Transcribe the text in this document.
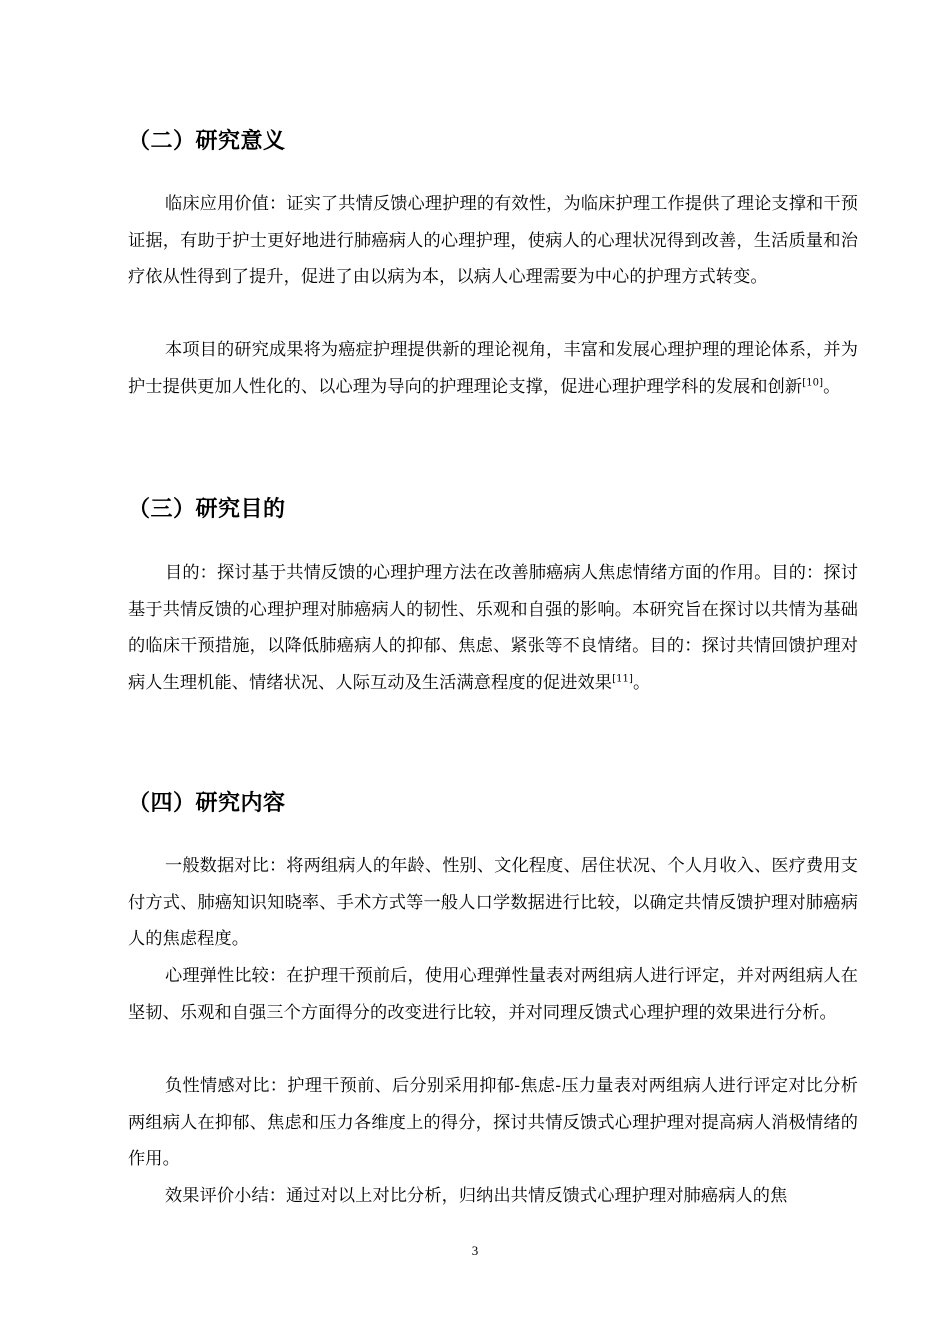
（二）研究意义
临床应用价值：证实了共情反馈心理护理的有效性，为临床护理工作提供了理论支撑和干预证据，有助于护士更好地进行肺癌病人的心理护理，使病人的心理状况得到改善，生活质量和治疗依从性得到了提升，促进了由以病为本，以病人心理需要为中心的护理方式转变。
本项目的研究成果将为癌症护理提供新的理论视角，丰富和发展心理护理的理论体系，并为护士提供更加人性化的、以心理为导向的护理理论支撑，促进心理护理学科的发展和创新[10]。
（三）研究目的
目的：探讨基于共情反馈的心理护理方法在改善肺癌病人焦虑情绪方面的作用。目的：探讨基于共情反馈的心理护理对肺癌病人的韧性、乐观和自强的影响。本研究旨在探讨以共情为基础的临床干预措施，以降低肺癌病人的抑郁、焦虑、紧张等不良情绪。目的：探讨共情回馈护理对病人生理机能、情绪状况、人际互动及生活满意程度的促进效果[11]。
（四）研究内容
一般数据对比：将两组病人的年龄、性别、文化程度、居住状况、个人月收入、医疗费用支付方式、肺癌知识知晓率、手术方式等一般人口学数据进行比较，以确定共情反馈护理对肺癌病人的焦虑程度。
心理弹性比较：在护理干预前后，使用心理弹性量表对两组病人进行评定，并对两组病人在坚韧、乐观和自强三个方面得分的改变进行比较，并对同理反馈式心理护理的效果进行分析。
负性情感对比：护理干预前、后分别采用抑郁-焦虑-压力量表对两组病人进行评定对比分析两组病人在抑郁、焦虑和压力各维度上的得分，探讨共情反馈式心理护理对提高病人消极情绪的作用。
效果评价小结：通过对以上对比分析，归纳出共情反馈式心理护理对肺癌病人的焦
3
